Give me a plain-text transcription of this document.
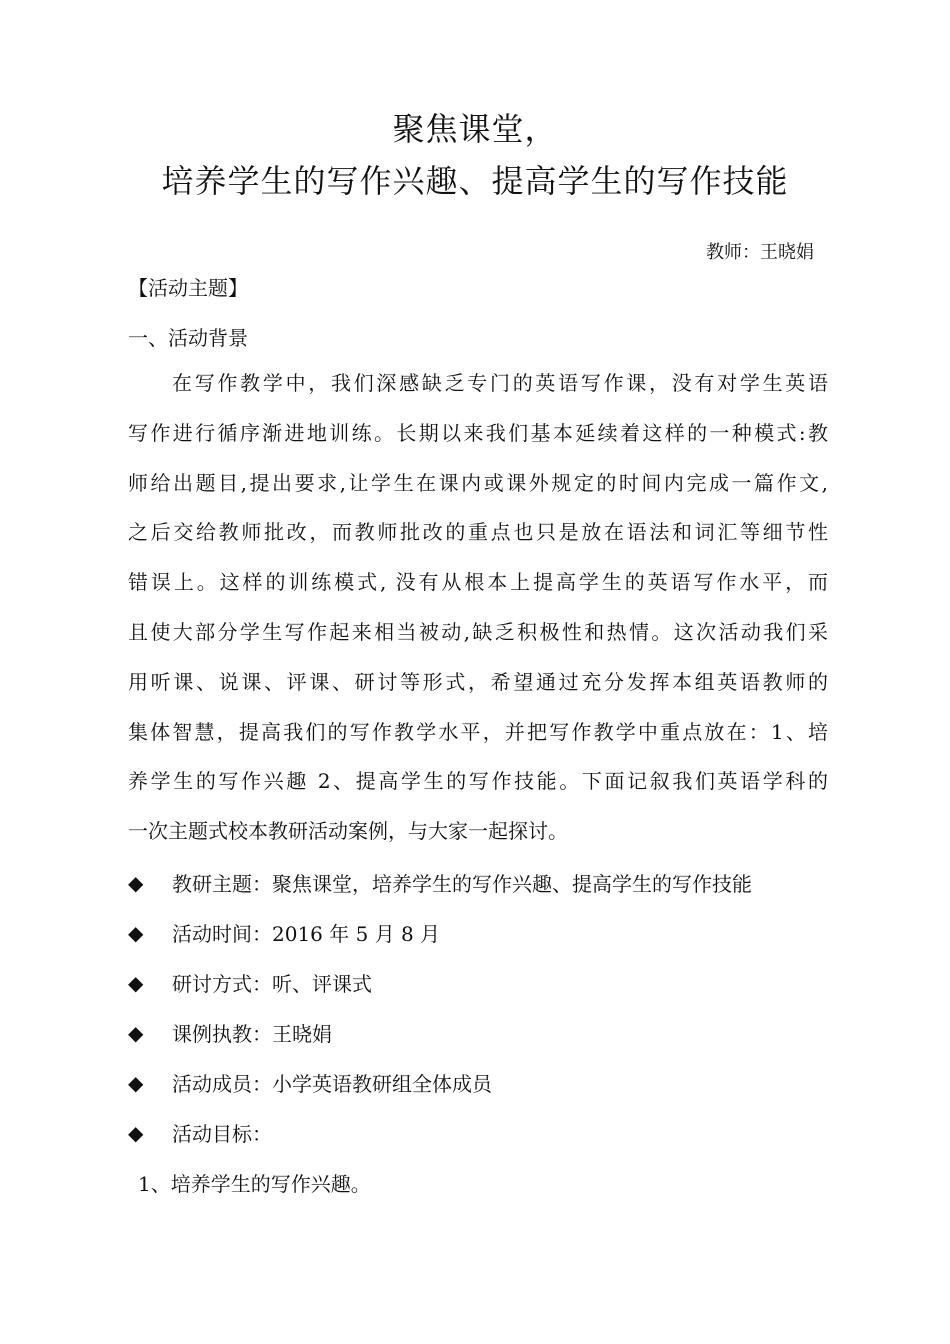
聚焦课堂，
培养学生的写作兴趣、提高学生的写作技能
教师：王晓娟
【活动主题】
一、活动背景
在写作教学中，我们深感缺乏专门的英语写作课，没有对学生英语
写作进行循序渐进地训练。长期以来我们基本延续着这样的一种模式:教
师给出题目,提出要求,让学生在课内或课外规定的时间内完成一篇作文,
之后交给教师批改，而教师批改的重点也只是放在语法和词汇等细节性
错误上。这样的训练模式, 没有从根本上提高学生的英语写作水平，而
且使大部分学生写作起来相当被动,缺乏积极性和热情。这次活动我们采
用听课、说课、评课、研讨等形式，希望通过充分发挥本组英语教师的
集体智慧，提高我们的写作教学水平，并把写作教学中重点放在：1、培
养学生的写作兴趣 2、提高学生的写作技能。下面记叙我们英语学科的
一次主题式校本教研活动案例，与大家一起探讨。
◆	教研主题：聚焦课堂，培养学生的写作兴趣、提高学生的写作技能
◆	活动时间：2016 年 5 月 8 月
◆	研讨方式：听、评课式
◆	课例执教：王晓娟
◆	活动成员：小学英语教研组全体成员
◆	活动目标：
1、培养学生的写作兴趣。
